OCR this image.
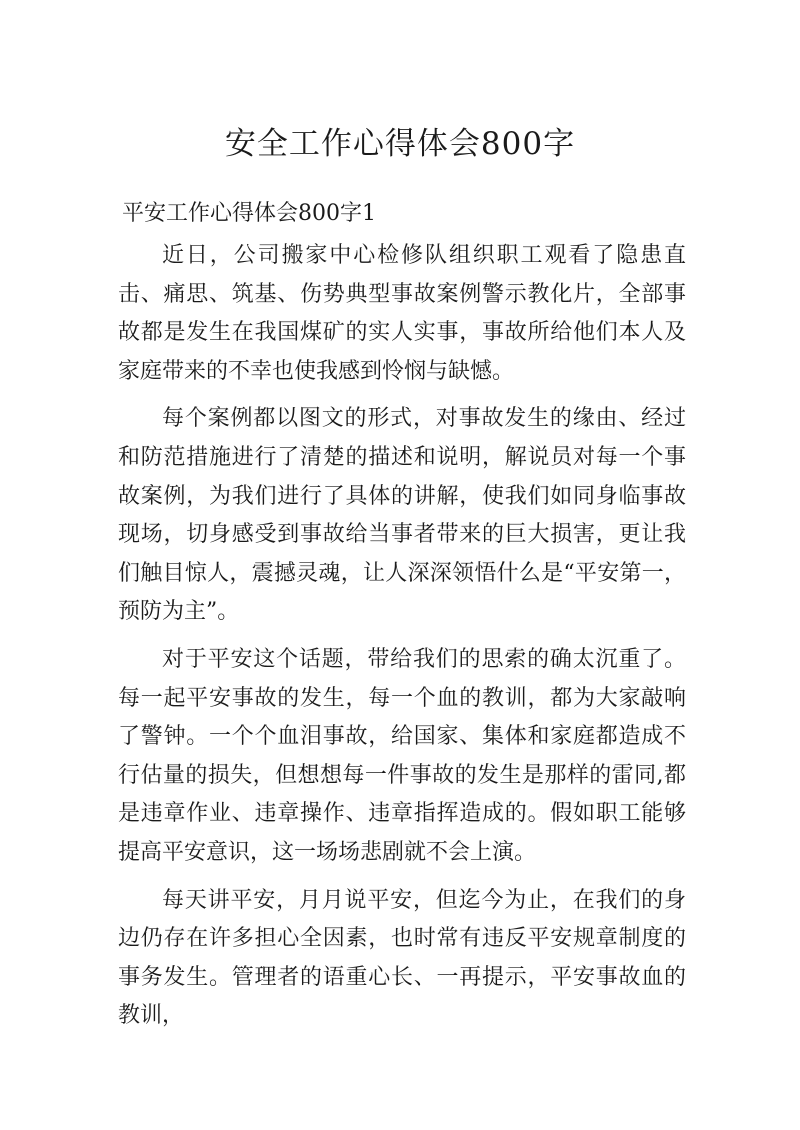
安全工作心得体会800字
平安工作心得体会800字1

近日，公司搬家中心检修队组织职工观看了隐患直击、痛思、筑基、伤势典型事故案例警示教化片，全部事故都是发生在我国煤矿的实人实事，事故所给他们本人及家庭带来的不幸也使我感到怜悯与缺憾。

每个案例都以图文的形式，对事故发生的缘由、经过和防范措施进行了清楚的描述和说明，解说员对每一个事故案例，为我们进行了具体的讲解，使我们如同身临事故现场，切身感受到事故给当事者带来的巨大损害，更让我们触目惊人，震撼灵魂，让人深深领悟什么是“平安第一，预防为主”。

对于平安这个话题，带给我们的思索的确太沉重了。每一起平安事故的发生，每一个血的教训，都为大家敲响了警钟。一个个血泪事故，给国家、集体和家庭都造成不行估量的损失，但想想每一件事故的发生是那样的雷同,都是违章作业、违章操作、违章指挥造成的。假如职工能够提高平安意识，这一场场悲剧就不会上演。

每天讲平安，月月说平安，但迄今为止，在我们的身边仍存在许多担心全因素，也时常有违反平安规章制度的事务发生。管理者的语重心长、一再提示，平安事故血的教训，
